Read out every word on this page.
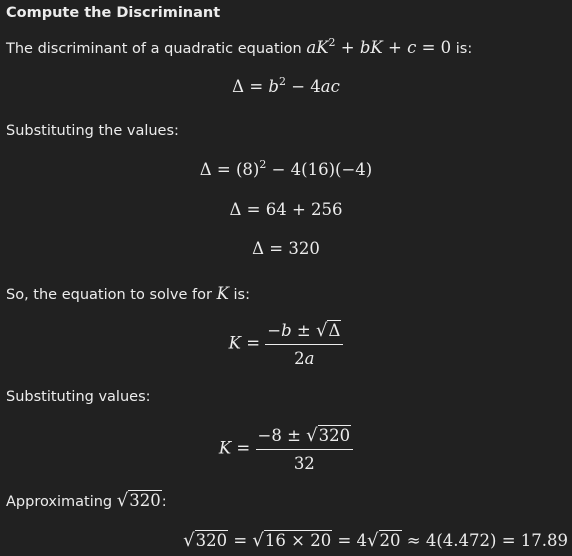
Compute the Discriminant
The discriminant of a quadratic equation $aK^2$ + bK + c = 0 is:
$\Delta = b^2 - 4ac$
Substituting the values:
$\Delta = (8)^2 - 4(16)(-4)$
Δ = 64 + 256
Δ = 320
So, the equation to solve for K is:
$K = \frac{-b \pm √\Delta}{2a}$
Substituting values:
$K = \frac{-8 \pm √320}{32}$
Approximating √320:
√320 = √16 × 20 = 4√20 ≈ 4(4.472) = 17.89
